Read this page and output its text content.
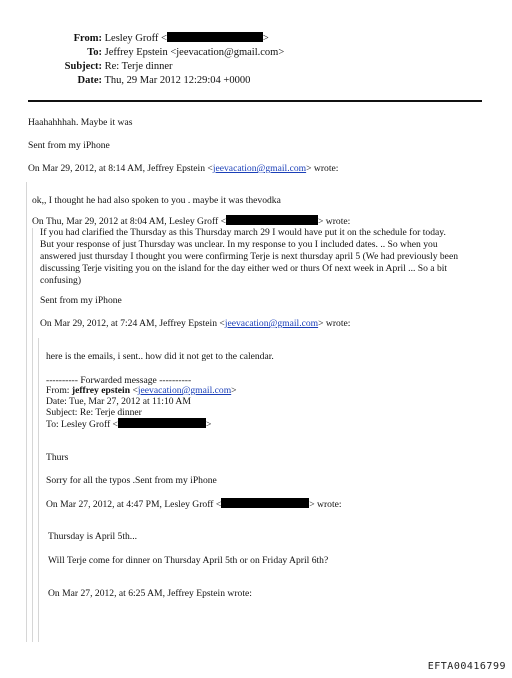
From: Lesley Groff <	>
To: Jeffrey Epstein <jeevacation@gmail.com>
Subject: Re: Terje dinner
Date: Thu, 29 Mar 2012 12:29:04 +0000
Haahahhhah. Maybe it was
Sent from my iPhone
On Mar 29, 2012, at 8:14 AM, Jeffrey Epstein <jeevacation@gmail.com> wrote:
ok,, I thought he had also spoken to you . maybe it was thevodka
On Thu, Mar 29, 2012 at 8:04 AM, Lesley Groff <	> wrote:
If you had clarified the Thursday as this Thursday march 29 I would have put it on the schedule for today.
But your response of just Thursday was unclear. In my response to you I included dates. .. So when you
answered just thursday I thought you were confirming Terje is next thursday april 5 (We had previously been
discussing Terje visiting you on the island for the day either wed or thurs Of next week in April ... So a bit
confusing)
Sent from my iPhone
On Mar 29, 2012, at 7:24 AM, Jeffrey Epstein <jeevacation@gmail.com> wrote:
here is the emails, i sent.. how did it not get to the calendar.
---------- Forwarded message ----------
From: jeffrey epstein <jeevacation@gmail.com>
Date: Tue, Mar 27, 2012 at 11:10 AM
Subject: Re: Terje dinner
To: Lesley Groff <	>
Thurs
Sorry for all the typos .Sent from my iPhone
On Mar 27, 2012, at 4:47 PM, Lesley Groff <	> wrote:
Thursday is April 5th...
Will Terje come for dinner on Thursday April 5th or on Friday April 6th?
On Mar 27, 2012, at 6:25 AM, Jeffrey Epstein wrote:
EFTA00416799
